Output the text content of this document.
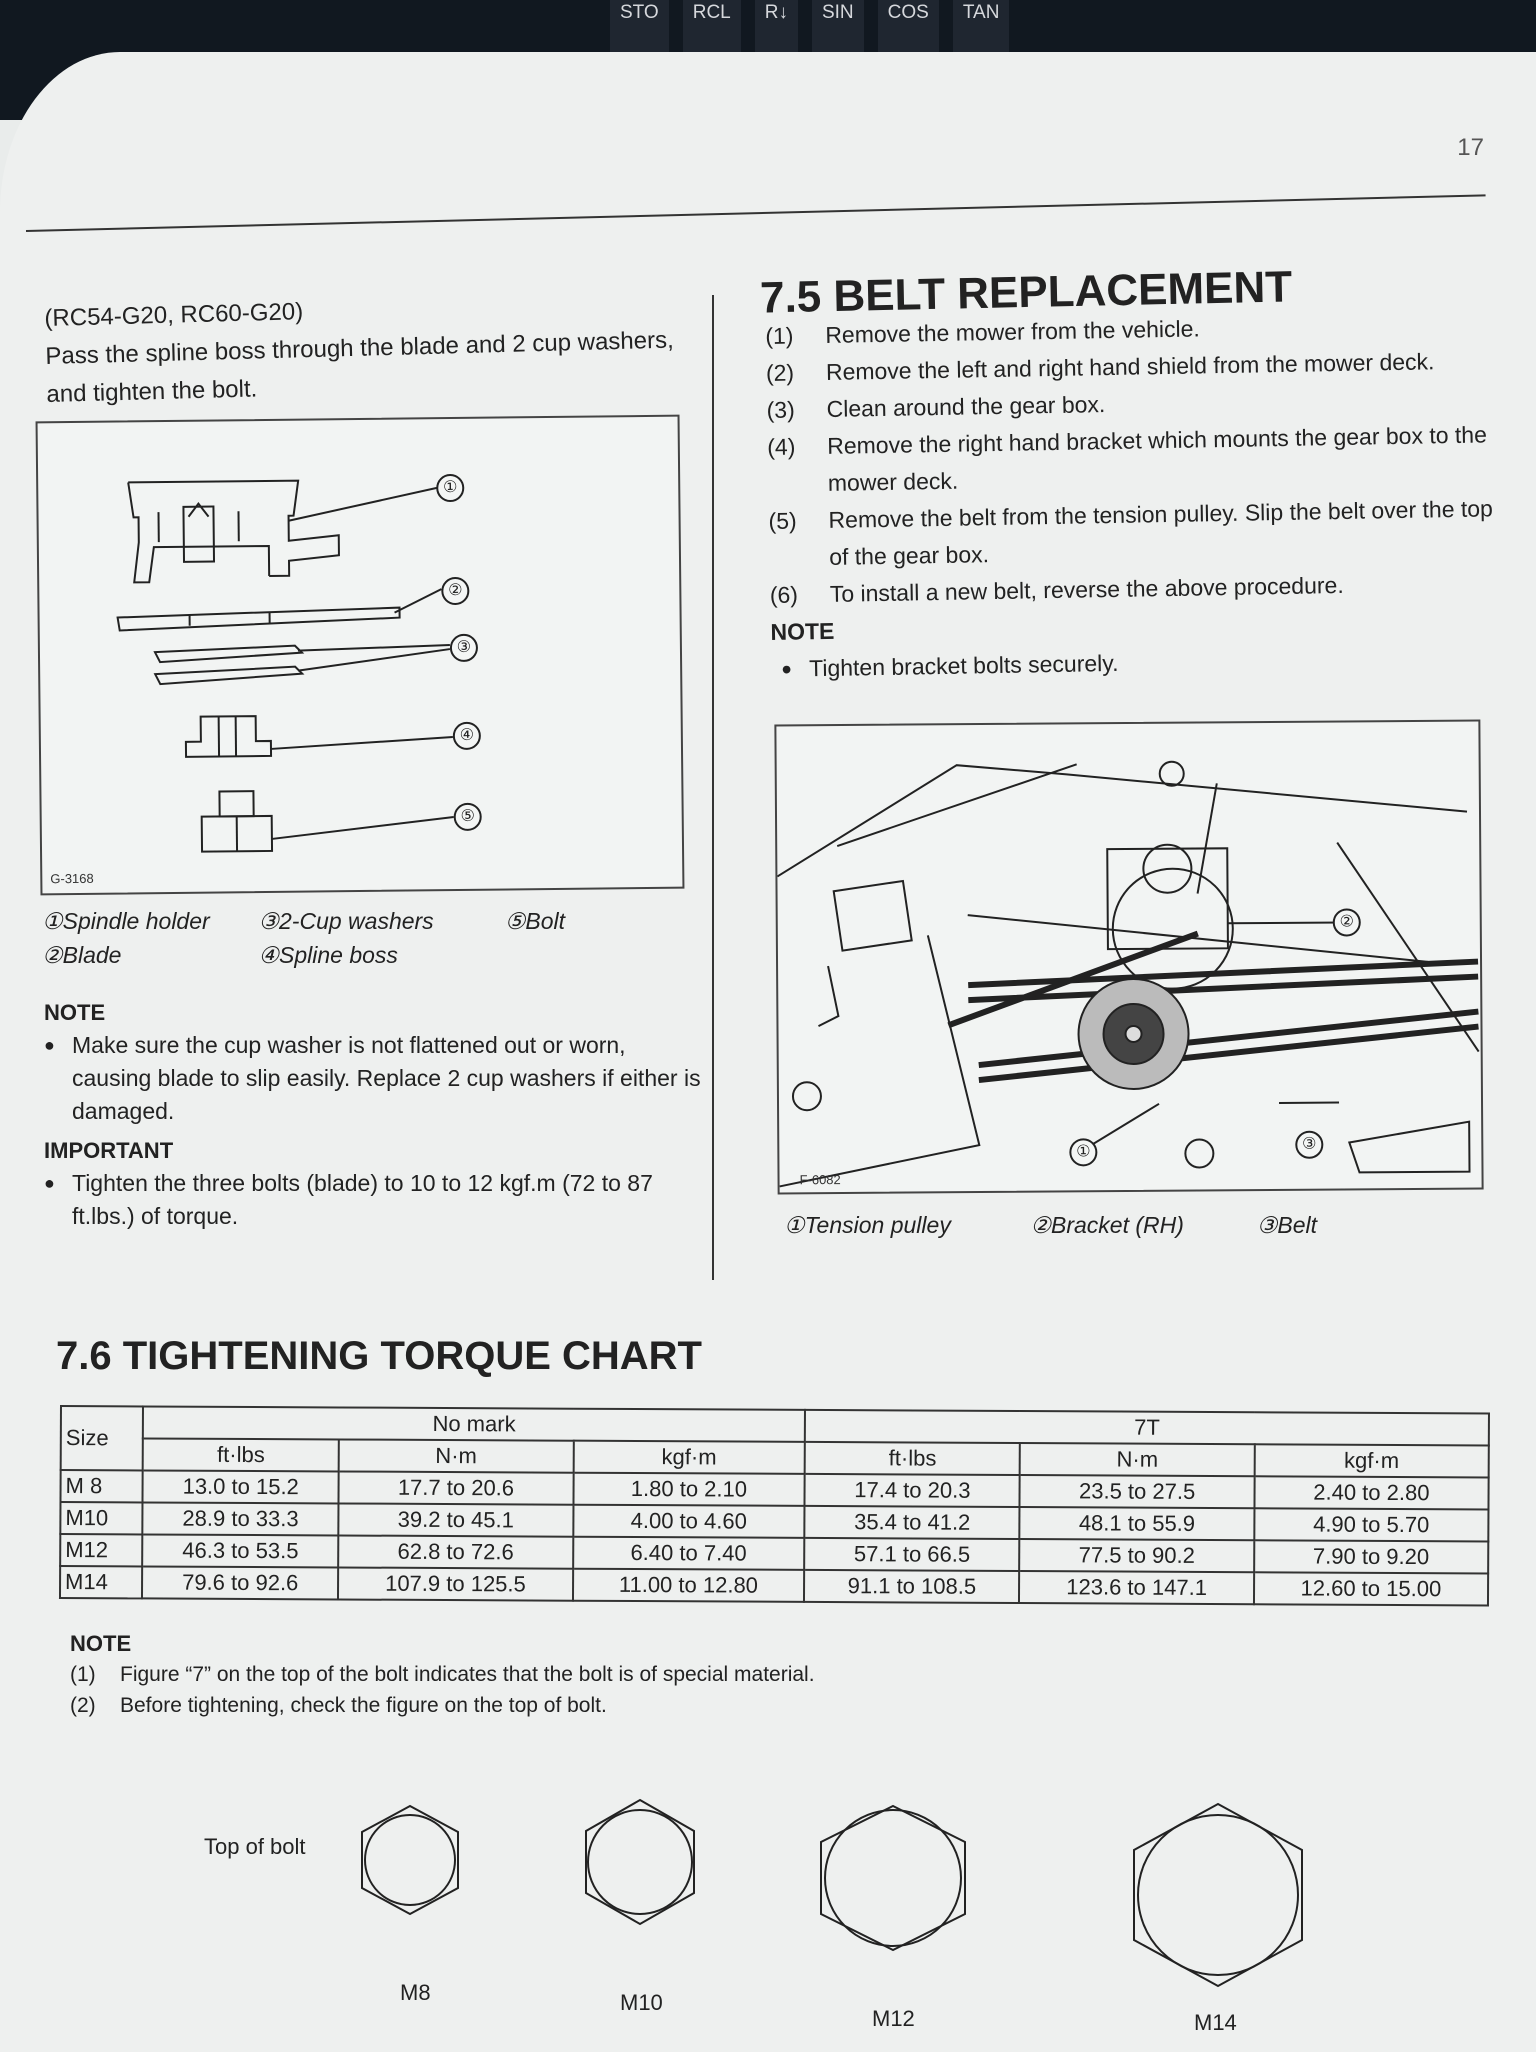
STO	RCL	R↓	SIN	COS	TAN
17

(RC54-G20, RC60-G20)

Pass the spline boss through the blade and 2 cup washers, and tighten the bolt.

①
②
③
④
⑤
G-3168
①Spindle holder ③2-Cup washers	⑤Bolt
②Blade	④Spline boss
NOTE
● Make sure the cup washer is not flattened out or worn, causing blade to slip easily. Replace 2 cup washers if either is damaged.
IMPORTANT
● Tighten the three bolts (blade) to 10 to 12 kgf.m (72 to 87 ft.lbs.) of torque.
7.5 BELT REPLACEMENT
(1)	Remove the mower from the vehicle.
(2)	Remove the left and right hand shield from the mower deck.
(3)	Clean around the gear box.
(4)	Remove the right hand bracket which mounts the gear box to the mower deck.
(5)	Remove the belt from the tension pulley. Slip the belt over the top of the gear box.
(6)	To install a new belt, reverse the above procedure.
NOTE
● Tighten bracket bolts securely.
①
②
③
F-6082
①Tension pulley	②Bracket (RH)	③Belt
7.6 TIGHTENING TORQUE CHART
Size	No mark			7T		
	ft·lbs	N·m	kgf·m	ft·lbs	N·m	kgf·m
M 8	13.0 to 15.2	17.7 to 20.6	1.80 to 2.10	17.4 to 20.3	23.5 to 27.5	2.40 to 2.80
M10	28.9 to 33.3	39.2 to 45.1	4.00 to 4.60	35.4 to 41.2	48.1 to 55.9	4.90 to 5.70
M12	46.3 to 53.5	62.8 to 72.6	6.40 to 7.40	57.1 to 66.5	77.5 to 90.2	7.90 to 9.20
M14	79.6 to 92.6	107.9 to 125.5	11.00 to 12.80	91.1 to 108.5	123.6 to 147.1	12.60 to 15.00
NOTE
(1)	Figure “7” on the top of the bolt indicates that the bolt is of special material.
(2)	Before tightening, check the figure on the top of bolt.
Top of bolt
M8	M10
M12	M14
